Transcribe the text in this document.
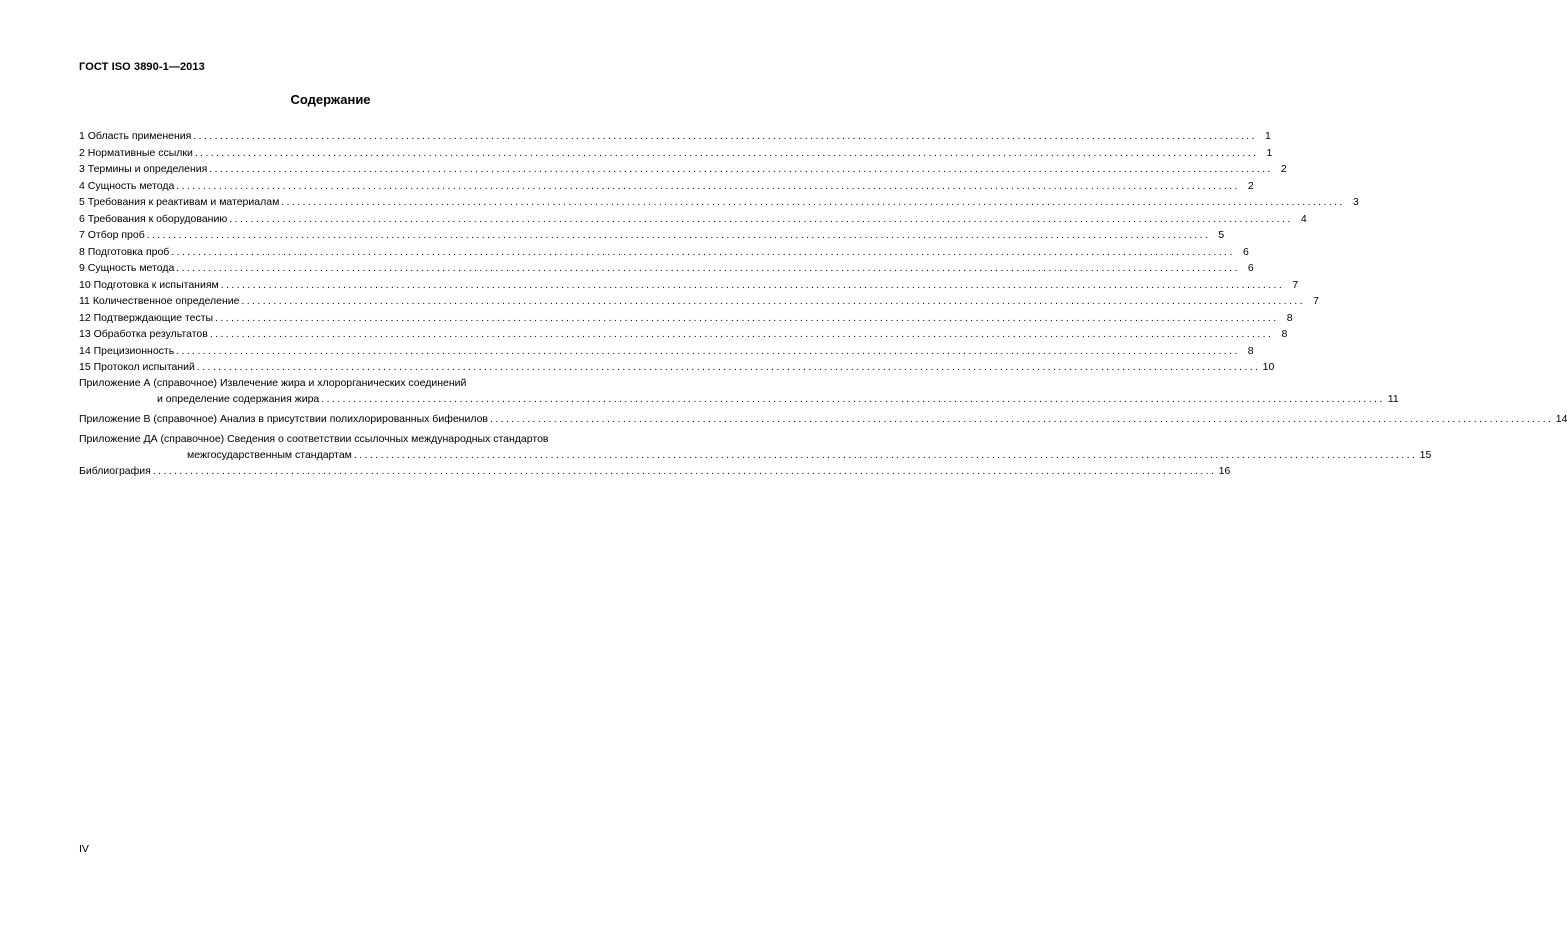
ГОСТ ISO 3890-1—2013
Содержание
1 Область применения ........................................................................................................................................................................................................ 1
2 Нормативные ссылки ........................................................................................................................................................................................................ 1
3 Термины и определения ........................................................................................................................................................................................................ 2
4 Сущность метода ........................................................................................................................................................................................................ 2
5 Требования к реактивам и материалам ........................................................................................................................................................................................................ 3
6 Требования к оборудованию ........................................................................................................................................................................................................ 4
7 Отбор проб ........................................................................................................................................................................................................ 5
8 Подготовка проб ........................................................................................................................................................................................................ 6
9 Сущность метода ........................................................................................................................................................................................................ 6
10 Подготовка к испытаниям ........................................................................................................................................................................................................ 7
11 Количественное определение ........................................................................................................................................................................................................ 7
12 Подтверждающие тесты ........................................................................................................................................................................................................ 8
13 Обработка результатов ........................................................................................................................................................................................................ 8
14 Прецизионность ........................................................................................................................................................................................................ 8
15 Протокол испытаний ........................................................................................................................................................................................................ 10
Приложение А (справочное) Извлечение жира и хлорорганических соединений
и определение содержания жира ........................................................................................................................................................................................................ 11
Приложение В (справочное) Анализ в присутствии полихлорированных бифенилов ........................................................................................................................................................................................................ 14
Приложение ДА (справочное) Сведения о соответствии ссылочных международных стандартов
межгосударственным стандартам ........................................................................................................................................................................................................ 15
Библиография ........................................................................................................................................................................................................ 16
IV
